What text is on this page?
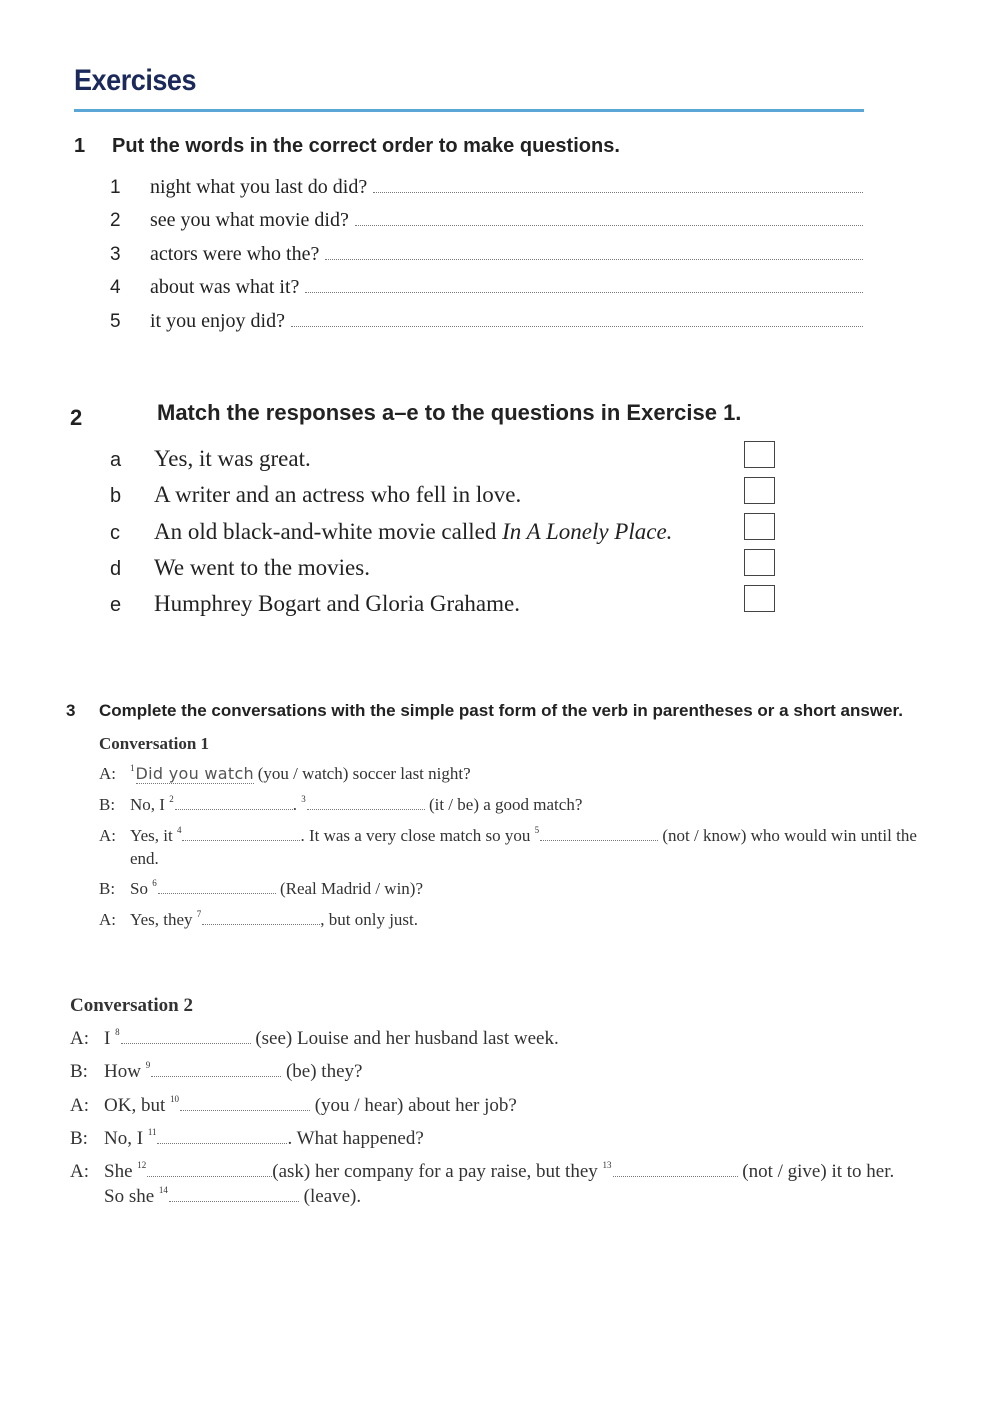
Exercises
1 Put the words in the correct order to make questions.
1	night what you last do did?
2	see you what movie did?
3	actors were who the?
4	about was what it?
5	it you enjoy did?
2	Match the responses a–e to the questions in Exercise 1.
a	Yes, it was great.
b	A writer and an actress who fell in love.
c	An old black-and-white movie called In A Lonely Place.
d	We went to the movies.
e	Humphrey Bogart and Gloria Grahame.
3 Complete the conversations with the simple past form of the verb in parentheses or a short answer.
Conversation 1
A: $^1$Did you watch (you / watch) soccer last night?
B: No, I $^2$	. $^3$	(it / be) a good match?
A: Yes, it $^4$	. It was a very close match so you $^5$	(not / know) who would win until the
end.
B: So $^6$	(Real Madrid / win)?
A: Yes, they $^7$	, but only just.
Conversation 2
A: I $^8$	(see) Louise and her husband last week.
B: How $^9$	(be) they?
A: OK, but $^{10}$	(you / hear) about her job?
B: No, I $^{11}$	. What happened?
A: She $^{12}$	(ask) her company for a pay raise, but they $^{13}$	(not / give) it to her.
So she $^{14}$	(leave).
